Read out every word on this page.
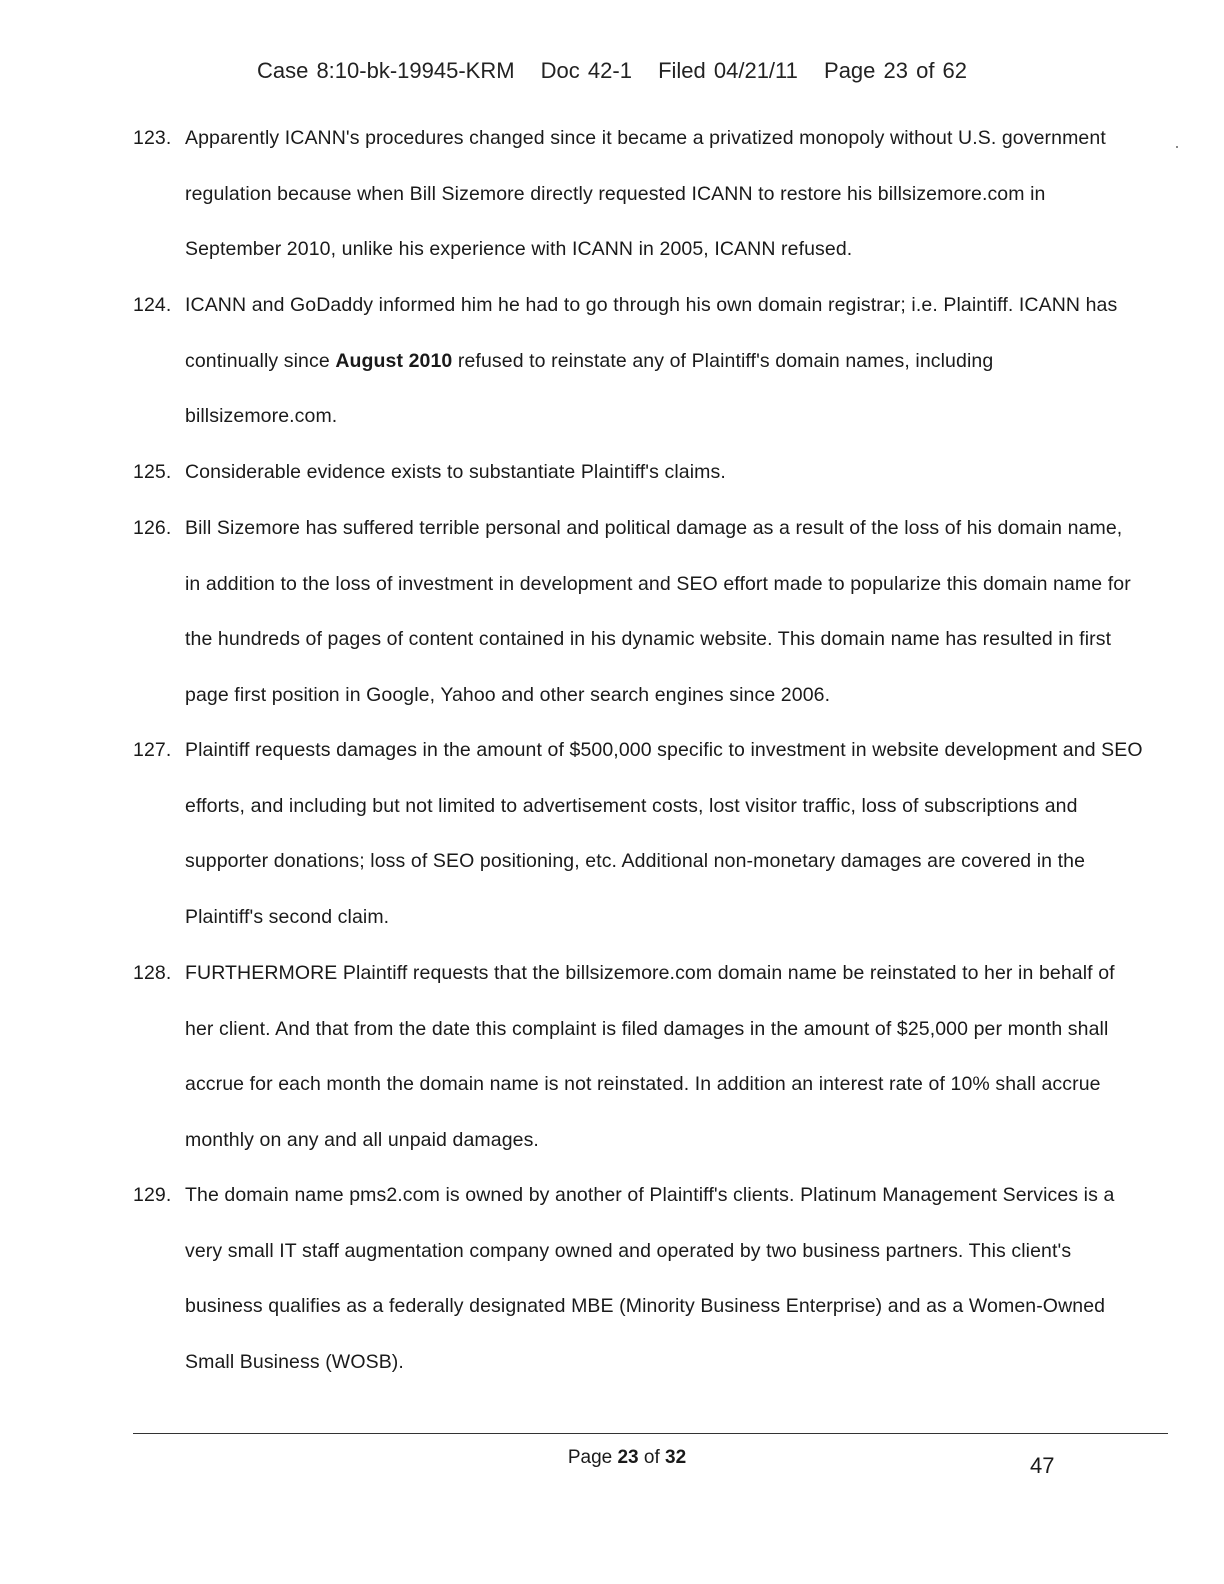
Case 8:10-bk-19945-KRM Doc 42-1 Filed 04/21/11 Page 23 of 62
123. Apparently ICANN's procedures changed since it became a privatized monopoly without U.S. government regulation because when Bill Sizemore directly requested ICANN to restore his billsizemore.com in September 2010, unlike his experience with ICANN in 2005, ICANN refused.
124. ICANN and GoDaddy informed him he had to go through his own domain registrar; i.e. Plaintiff. ICANN has continually since August 2010 refused to reinstate any of Plaintiff's domain names, including billsizemore.com.
125. Considerable evidence exists to substantiate Plaintiff's claims.
126. Bill Sizemore has suffered terrible personal and political damage as a result of the loss of his domain name, in addition to the loss of investment in development and SEO effort made to popularize this domain name for the hundreds of pages of content contained in his dynamic website. This domain name has resulted in first page first position in Google, Yahoo and other search engines since 2006.
127. Plaintiff requests damages in the amount of $500,000 specific to investment in website development and SEO efforts, and including but not limited to advertisement costs, lost visitor traffic, loss of subscriptions and supporter donations; loss of SEO positioning, etc. Additional non-monetary damages are covered in the Plaintiff's second claim.
128. FURTHERMORE Plaintiff requests that the billsizemore.com domain name be reinstated to her in behalf of her client. And that from the date this complaint is filed damages in the amount of $25,000 per month shall accrue for each month the domain name is not reinstated. In addition an interest rate of 10% shall accrue monthly on any and all unpaid damages.
129. The domain name pms2.com is owned by another of Plaintiff's clients. Platinum Management Services is a very small IT staff augmentation company owned and operated by two business partners. This client's business qualifies as a federally designated MBE (Minority Business Enterprise) and as a Women-Owned Small Business (WOSB).
Page 23 of 32	47
